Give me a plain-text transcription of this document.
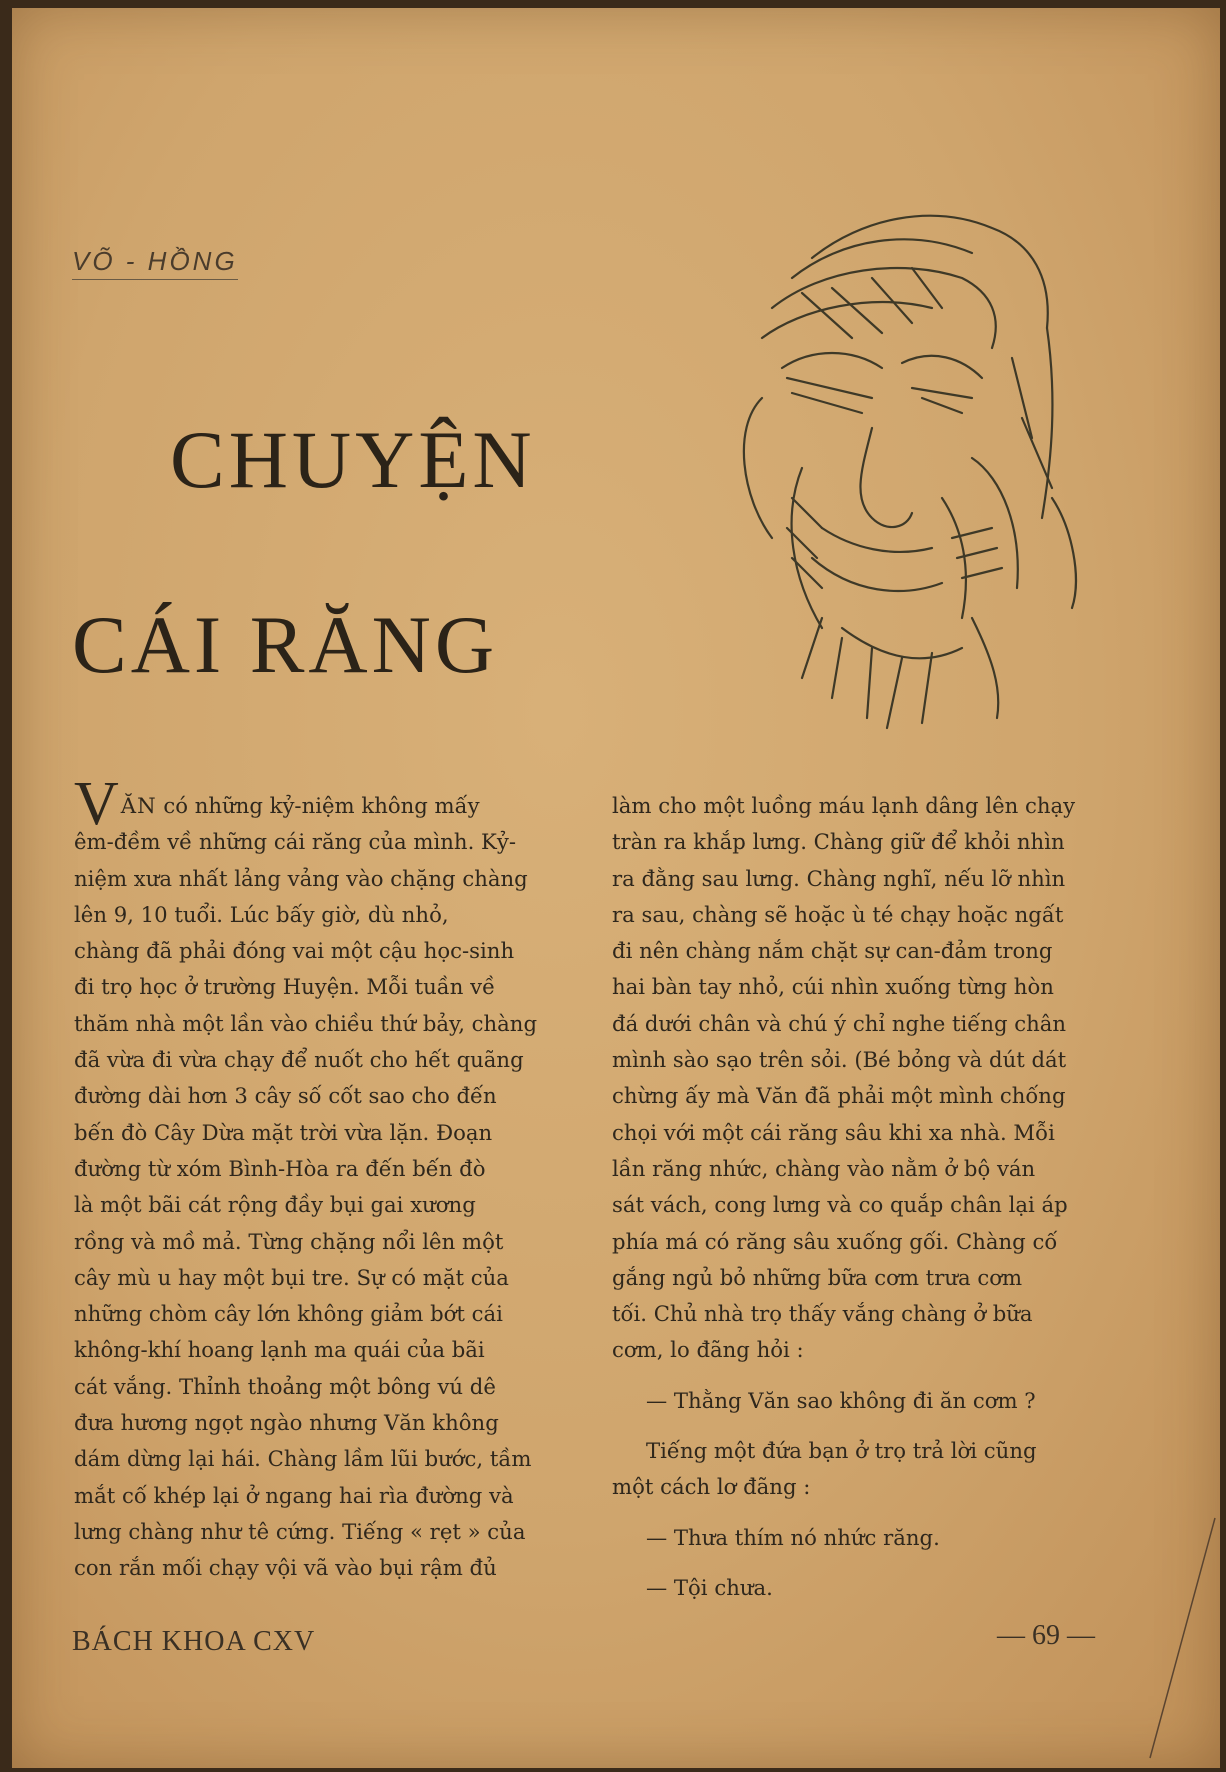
VÕ - HỒNG
CHUYỆN
CÁI RĂNG

VĂN có những kỷ-niệm không mấy

êm-đềm về những cái răng của mình. Kỷ-

niệm xưa nhất lảng vảng vào chặng chàng

lên 9, 10 tuổi. Lúc bấy giờ, dù nhỏ,

chàng đã phải đóng vai một cậu học-sinh

đi trọ học ở trường Huyện. Mỗi tuần về

thăm nhà một lần vào chiều thứ bảy, chàng

đã vừa đi vừa chạy để nuốt cho hết quãng

đường dài hơn 3 cây số cốt sao cho đến

bến đò Cây Dừa mặt trời vừa lặn. Đoạn

đường từ xóm Bình-Hòa ra đến bến đò

là một bãi cát rộng đầy bụi gai xương

rồng và mồ mả. Từng chặng nổi lên một

cây mù u hay một bụi tre. Sự có mặt của

những chòm cây lớn không giảm bớt cái

không-khí hoang lạnh ma quái của bãi

cát vắng. Thỉnh thoảng một bông vú dê

đưa hương ngọt ngào nhưng Văn không

dám dừng lại hái. Chàng lầm lũi bước, tầm

mắt cố khép lại ở ngang hai rìa đường và

lưng chàng như tê cứng. Tiếng « rẹt » của

con rắn mối chạy vội vã vào bụi rậm đủ

làm cho một luồng máu lạnh dâng lên chạy

tràn ra khắp lưng. Chàng giữ để khỏi nhìn

ra đằng sau lưng. Chàng nghĩ, nếu lỡ nhìn

ra sau, chàng sẽ hoặc ù té chạy hoặc ngất

đi nên chàng nắm chặt sự can-đảm trong

hai bàn tay nhỏ, cúi nhìn xuống từng hòn

đá dưới chân và chú ý chỉ nghe tiếng chân

mình sào sạo trên sỏi. (Bé bỏng và dút dát

chừng ấy mà Văn đã phải một mình chống

chọi với một cái răng sâu khi xa nhà. Mỗi

lần răng nhức, chàng vào nằm ở bộ ván

sát vách, cong lưng và co quắp chân lại áp

phía má có răng sâu xuống gối. Chàng cố

gắng ngủ bỏ những bữa cơm trưa cơm

tối. Chủ nhà trọ thấy vắng chàng ở bữa

cơm, lo đãng hỏi :

— Thằng Văn sao không đi ăn cơm ?

Tiếng một đứa bạn ở trọ trả lời cũng

một cách lơ đãng :

— Thưa thím nó nhức răng.

— Tội chưa.

BÁCH KHOA CXV	— 69 —
